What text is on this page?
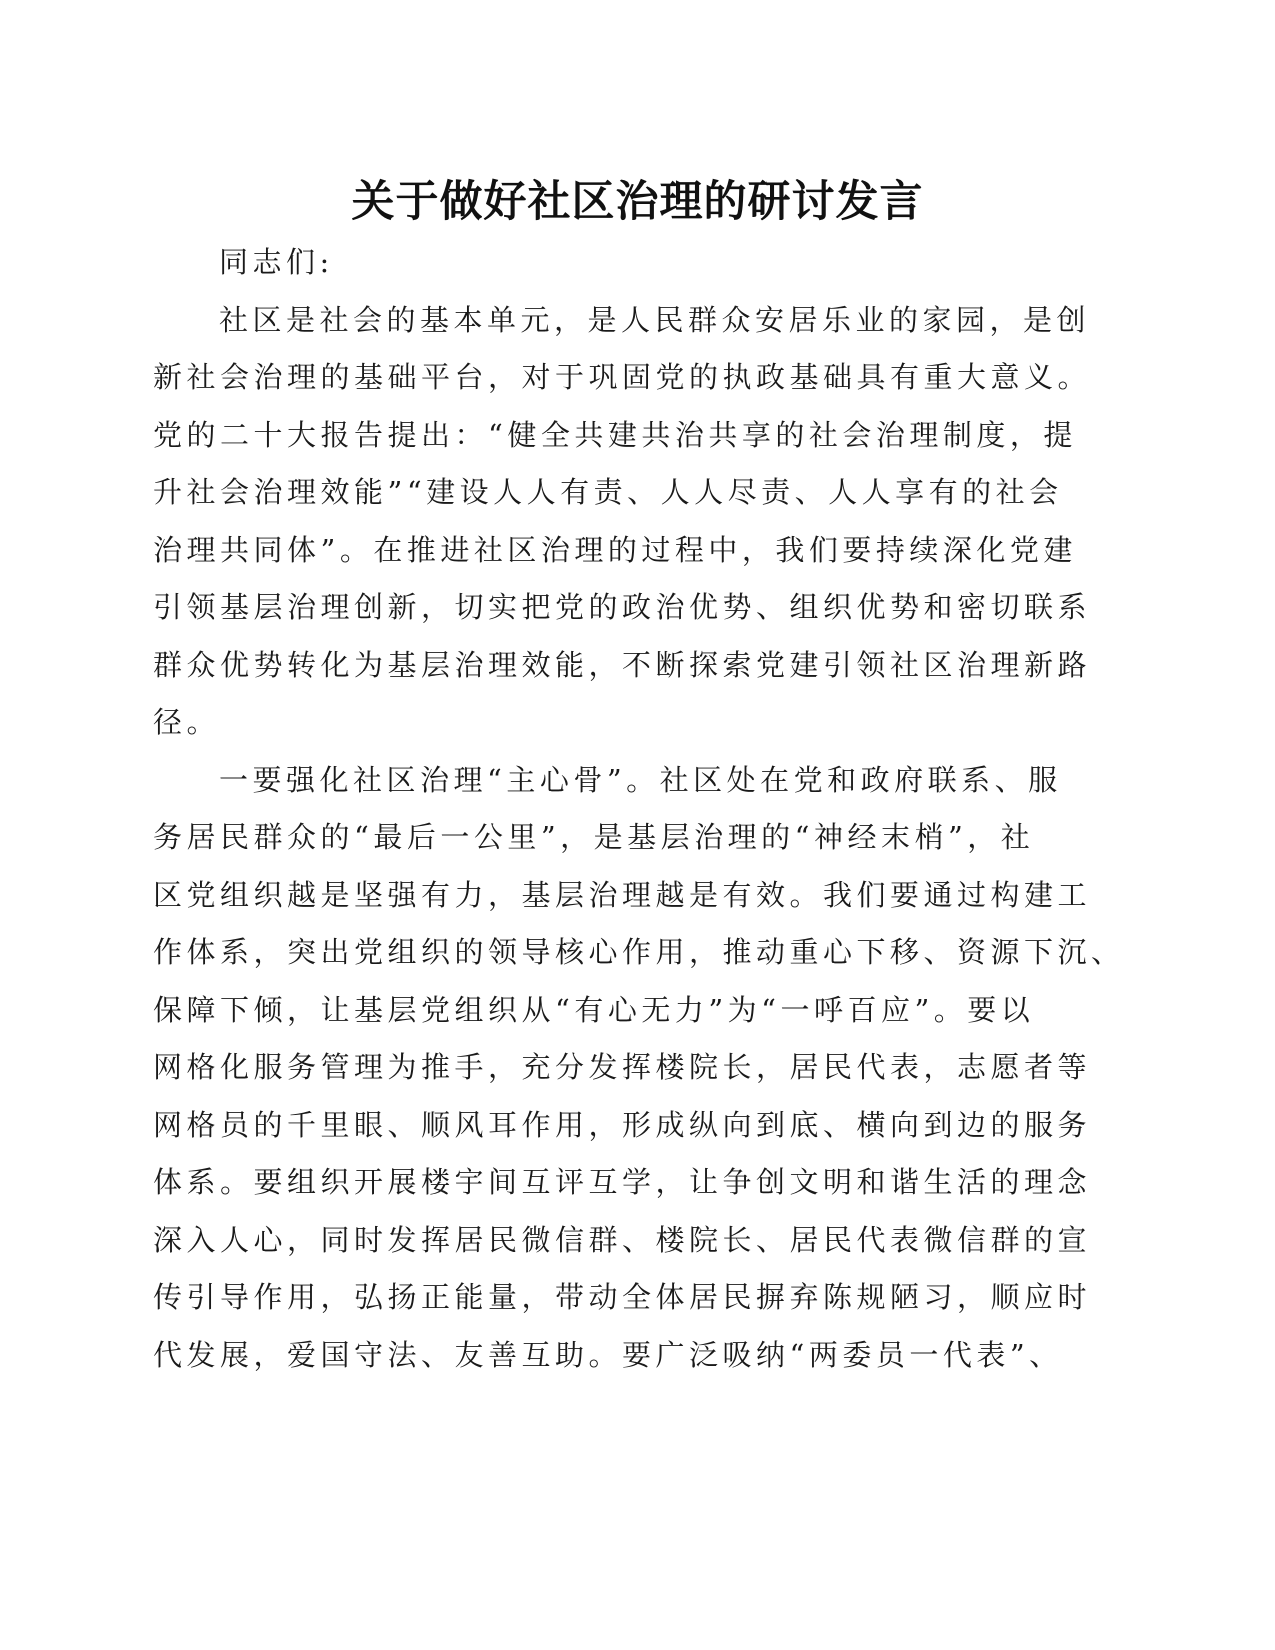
关于做好社区治理的研讨发言
同志们:
社区是社会的基本单元，是人民群众安居乐业的家园，是创
新社会治理的基础平台，对于巩固党的执政基础具有重大意义。
党的二十大报告提出：“健全共建共治共享的社会治理制度，提
升社会治理效能”“建设人人有责、人人尽责、人人享有的社会
治理共同体”。在推进社区治理的过程中，我们要持续深化党建
引领基层治理创新，切实把党的政治优势、组织优势和密切联系
群众优势转化为基层治理效能，不断探索党建引领社区治理新路
径。
一要强化社区治理“主心骨”。社区处在党和政府联系、服
务居民群众的“最后一公里”，是基层治理的“神经末梢”，社
区党组织越是坚强有力，基层治理越是有效。我们要通过构建工
作体系，突出党组织的领导核心作用，推动重心下移、资源下沉、
保障下倾，让基层党组织从“有心无力”为“一呼百应”。要以
网格化服务管理为推手，充分发挥楼院长，居民代表，志愿者等
网格员的千里眼、顺风耳作用，形成纵向到底、横向到边的服务
体系。要组织开展楼宇间互评互学，让争创文明和谐生活的理念
深入人心，同时发挥居民微信群、楼院长、居民代表微信群的宣
传引导作用，弘扬正能量，带动全体居民摒弃陈规陋习，顺应时
代发展，爱国守法、友善互助。要广泛吸纳“两委员一代表”、
